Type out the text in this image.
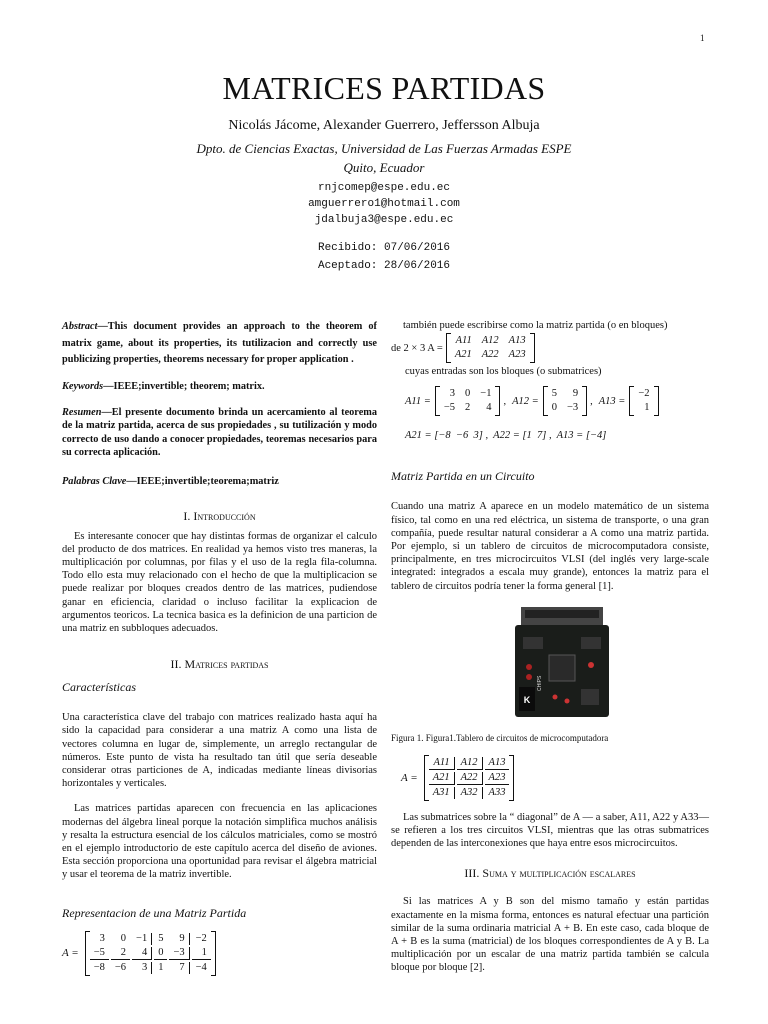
1
MATRICES PARTIDAS
Nicolás Jácome, Alexander Guerrero, Jeffersson Albuja
Dpto. de Ciencias Exactas, Universidad de Las Fuerzas Armadas ESPE
Quito, Ecuador
rnjcomep@espe.edu.ec
amguerrero1@hotmail.com
jdalbuja3@espe.edu.ec
Recibido: 07/06/2016
Aceptado: 28/06/2016
Abstract—This document provides an approach to the theorem of matrix game, about its properties, its tutilizacion and correctly use publicizing properties, theorems necessary for proper application .
Keywords—IEEE;invertible; theorem; matrix.
Resumen—El presente documento brinda un acercamiento al teorema de la matriz partida, acerca de sus propiedades , su tutilización y modo correcto de uso dando a conocer propiedades, teoremas necesarios para su correcta aplicación.
Palabras Clave—IEEE;invertible;teorema;matriz
I. Introducción
Es interesante conocer que hay distintas formas de organizar el calculo del producto de dos matrices. En realidad ya hemos visto tres maneras, la multiplicación por columnas, por filas y el uso de la regla fila-columna. Todo ello esta muy relacionado con el hecho de que la multiplicacion se puede realizar por bloques creados dentro de las matrices, pudiendose ganar en eficiencia, claridad o incluso facilitar la explicacion de argumentos teoricos. La tecnica basica es la definicion de una particion de una matriz en subbloques adecuados.
II. Matrices partidas
Características
Una característica clave del trabajo con matrices realizado hasta aquí ha sido la capacidad para considerar a una matriz A como una lista de vectores columna en lugar de, simplemente, un arreglo rectangular de números. Este punto de vista ha resultado tan útil que sería deseable considerar otras particiones de A, indicadas mediante líneas divisorias horizontales y verticales.
Las matrices partidas aparecen con frecuencia en las aplicaciones modernas del álgebra lineal porque la notación simplifica muchos análisis y resalta la estructura esencial de los cálculos matriciales, como se mostró en el ejemplo introductorio de este capítulo acerca del diseño de aviones. Esta sección proporciona una oportunidad para revisar el álgebra matricial y usar el teorema de la matriz invertible.
Representacion de una Matriz Partida
A =
3	0	−1	5	9	−2
−5	2	4	0	−3	1
−8	−6	3	1	7	−4
también puede escribirse como la matriz partida (o en bloques)
de 2 × 3 A =
A11	A12	A13
A21	A22	A23
cuyas entradas son los bloques (o submatrices)
A11 =
3	0	−1
−5	2	4
, A12 =
5	9
0	−3
, A13 =
−2
1
A21 = [−8  −6  3] ,  A22 = [1  7] ,  A13 = [−4]
Matriz Partida en un Circuito
Cuando una matriz A aparece en un modelo matemático de un sistema físico, tal como en una red eléctrica, un sistema de transporte, o una gran compañía, puede resultar natural considerar a A como una matriz partida. Por ejemplo, si un tablero de circuitos de microcomputadora consiste, principalmente, en tres microcircuitos VLSI (del inglés very large-scale integrated: integrados a escala muy grande), entonces la matriz para el tablero de circuitos podría tener la forma general [1].
K
CHIPS
Figura 1. Figura1.Tablero de circuitos de microcomputadora
A =
A11	A12	A13
A21	A22	A23
A31	A32	A33
Las submatrices sobre la “ diagonal” de A — a saber, A11, A22 y A33— se refieren a los tres circuitos VLSI, mientras que las otras submatrices dependen de las interconexiones que haya entre esos microcircuitos.
III. Suma y multiplicación escalares
Si las matrices A y B son del mismo tamaño y están partidas exactamente en la misma forma, entonces es natural efectuar una partición similar de la suma ordinaria matricial A + B. En este caso, cada bloque de A + B es la suma (matricial) de los bloques correspondientes de A y B. La multiplicación por un escalar de una matriz partida también se calcula bloque por bloque [2].
